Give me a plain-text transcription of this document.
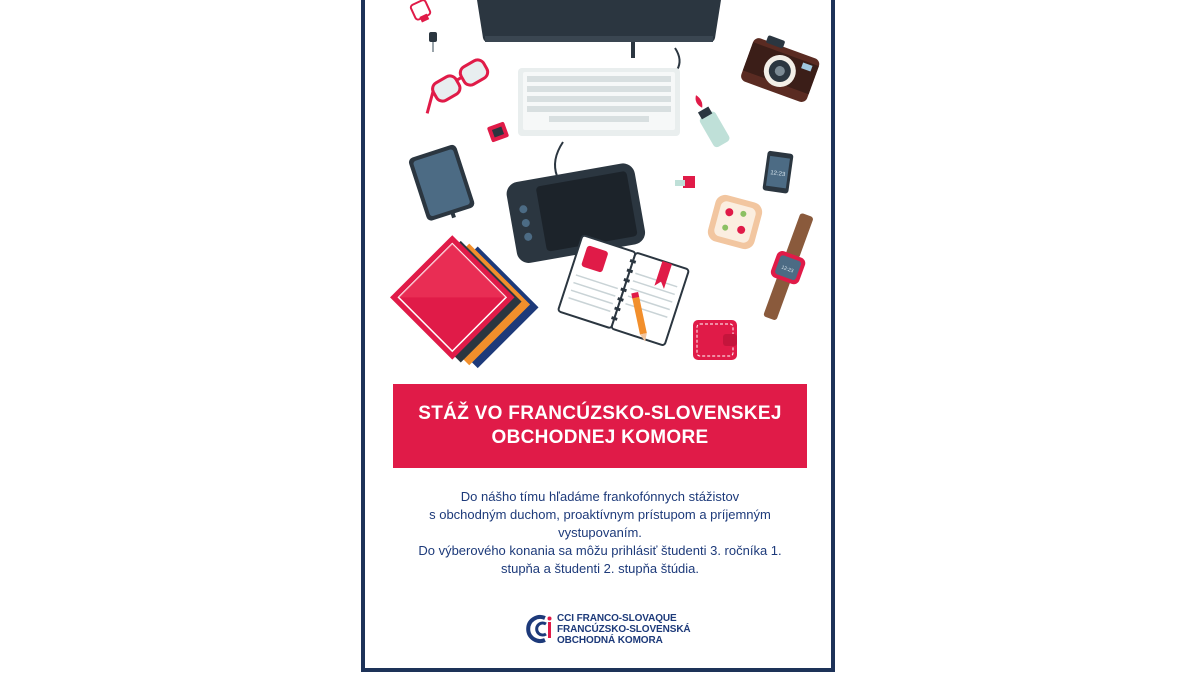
12:23
12:23
STÁŽ VO FRANCÚZSKO-SLOVENSKEJ
OBCHODNEJ KOMORE

Do nášho tímu hľadáme frankofónnych stážistov

s obchodným duchom, proaktívnym prístupom a príjemným

vystupovaním.

Do výberového konania sa môžu prihlásiť študenti 3. ročníka 1.

stupňa a študenti 2. stupňa štúdia.

CCI FRANCO-SLOVAQUE
FRANCÚZSKO-SLOVENSKÁ
OBCHODNÁ KOMORA
